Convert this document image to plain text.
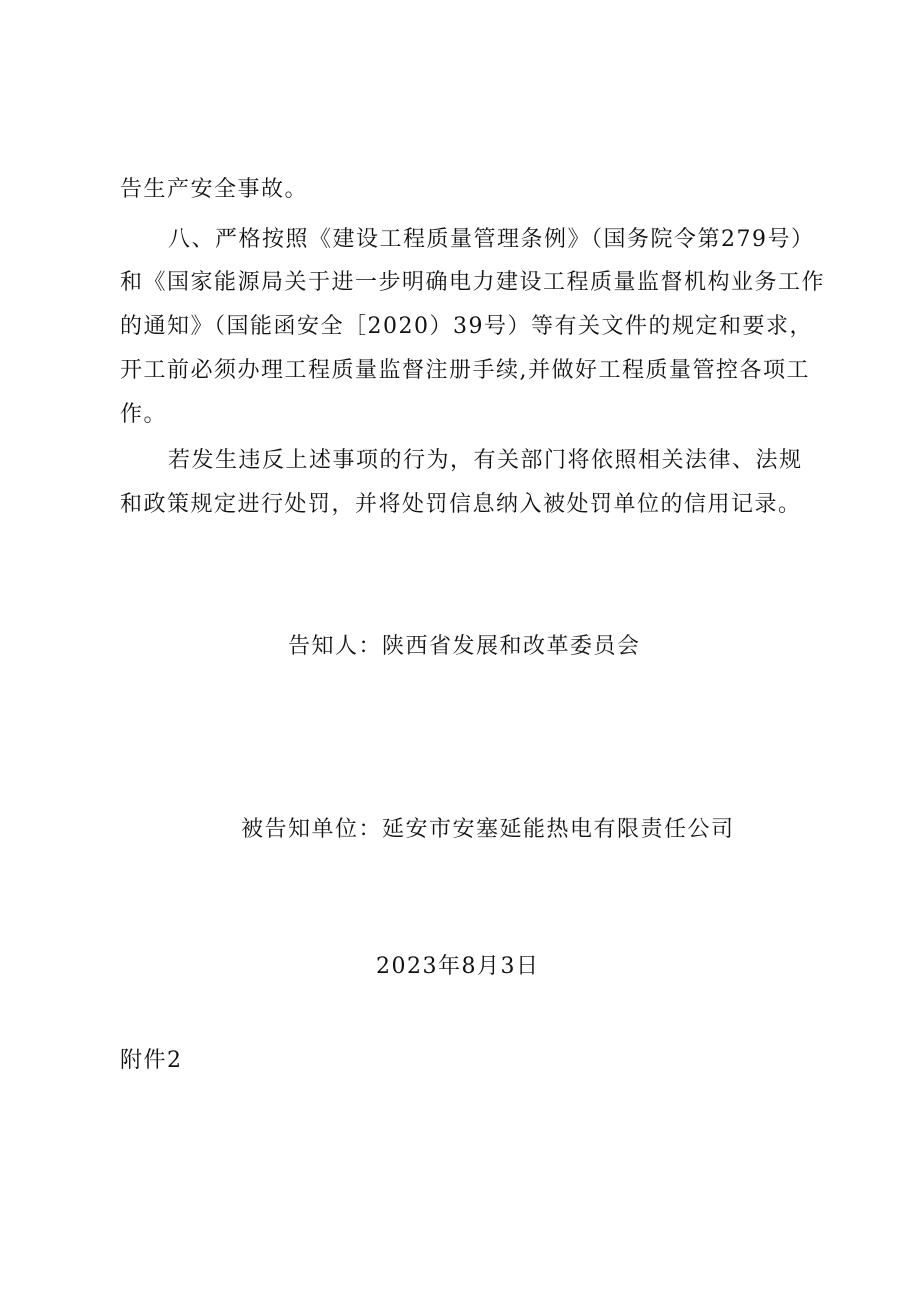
告生产安全事故。
八、严格按照《建设工程质量管理条例》（国务院令第279号）
和《国家能源局关于进一步明确电力建设工程质量监督机构业务工作
的通知》（国能函安全［2020）39号）等有关文件的规定和要求，
开工前必须办理工程质量监督注册手续,并做好工程质量管控各项工
作。
若发生违反上述事项的行为，有关部门将依照相关法律、法规
和政策规定进行处罚，并将处罚信息纳入被处罚单位的信用记录。
告知人：陕西省发展和改革委员会
被告知单位：延安市安塞延能热电有限责任公司
2023年8月3日
附件2
